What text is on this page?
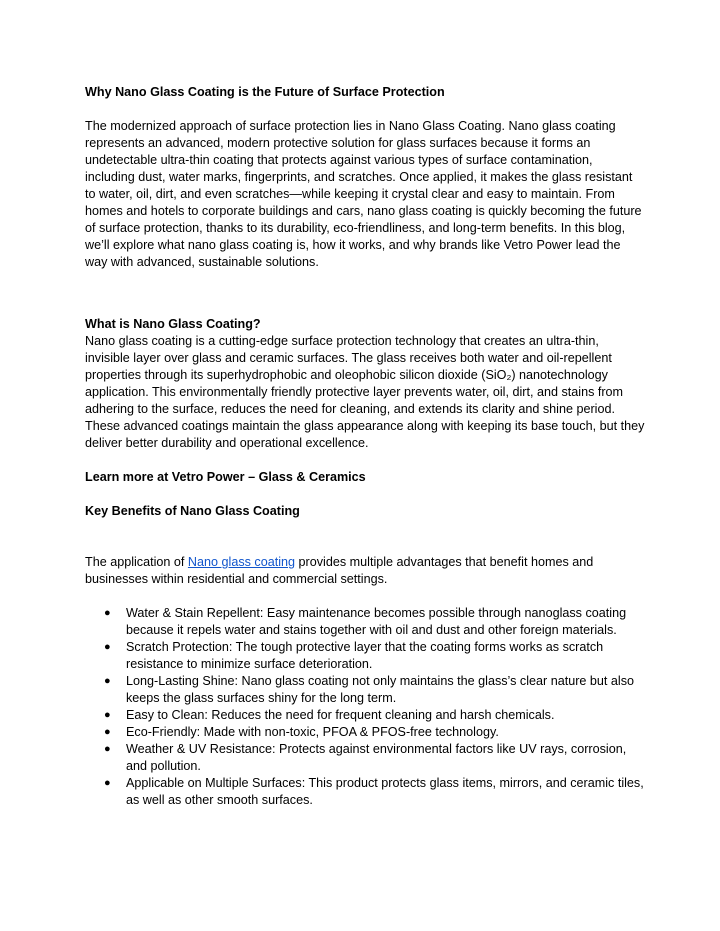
Why Nano Glass Coating is the Future of Surface Protection

The modernized approach of surface protection lies in Nano Glass Coating. Nano glass coating represents an advanced, modern protective solution for glass surfaces because it forms an undetectable ultra-thin coating that protects against various types of surface contamination, including dust, water marks, fingerprints, and scratches. Once applied, it makes the glass resistant to water, oil, dirt, and even scratches—while keeping it crystal clear and easy to maintain. From homes and hotels to corporate buildings and cars, nano glass coating is quickly becoming the future of surface protection, thanks to its durability, eco-friendliness, and long-term benefits. In this blog, we’ll explore what nano glass coating is, how it works, and why brands like Vetro Power lead the way with advanced, sustainable solutions.

What is Nano Glass Coating?

Nano glass coating is a cutting-edge surface protection technology that creates an ultra-thin, invisible layer over glass and ceramic surfaces. The glass receives both water and oil-repellent properties through its superhydrophobic and oleophobic silicon dioxide (SiO₂) nanotechnology application. This environmentally friendly protective layer prevents water, oil, dirt, and stains from adhering to the surface, reduces the need for cleaning, and extends its clarity and shine period. These advanced coatings maintain the glass appearance along with keeping its base touch, but they deliver better durability and operational excellence.

Learn more at Vetro Power – Glass & Ceramics

Key Benefits of Nano Glass Coating

The application of Nano glass coating provides multiple advantages that benefit homes and businesses within residential and commercial settings.

● Water & Stain Repellent: Easy maintenance becomes possible through nanoglass coating because it repels water and stains together with oil and dust and other foreign materials.
● Scratch Protection: The tough protective layer that the coating forms works as scratch resistance to minimize surface deterioration.
● Long-Lasting Shine: Nano glass coating not only maintains the glass’s clear nature but also keeps the glass surfaces shiny for the long term.
● Easy to Clean: Reduces the need for frequent cleaning and harsh chemicals.
● Eco-Friendly: Made with non-toxic, PFOA & PFOS-free technology.
● Weather & UV Resistance: Protects against environmental factors like UV rays, corrosion, and pollution.
● Applicable on Multiple Surfaces: This product protects glass items, mirrors, and ceramic tiles, as well as other smooth surfaces.
